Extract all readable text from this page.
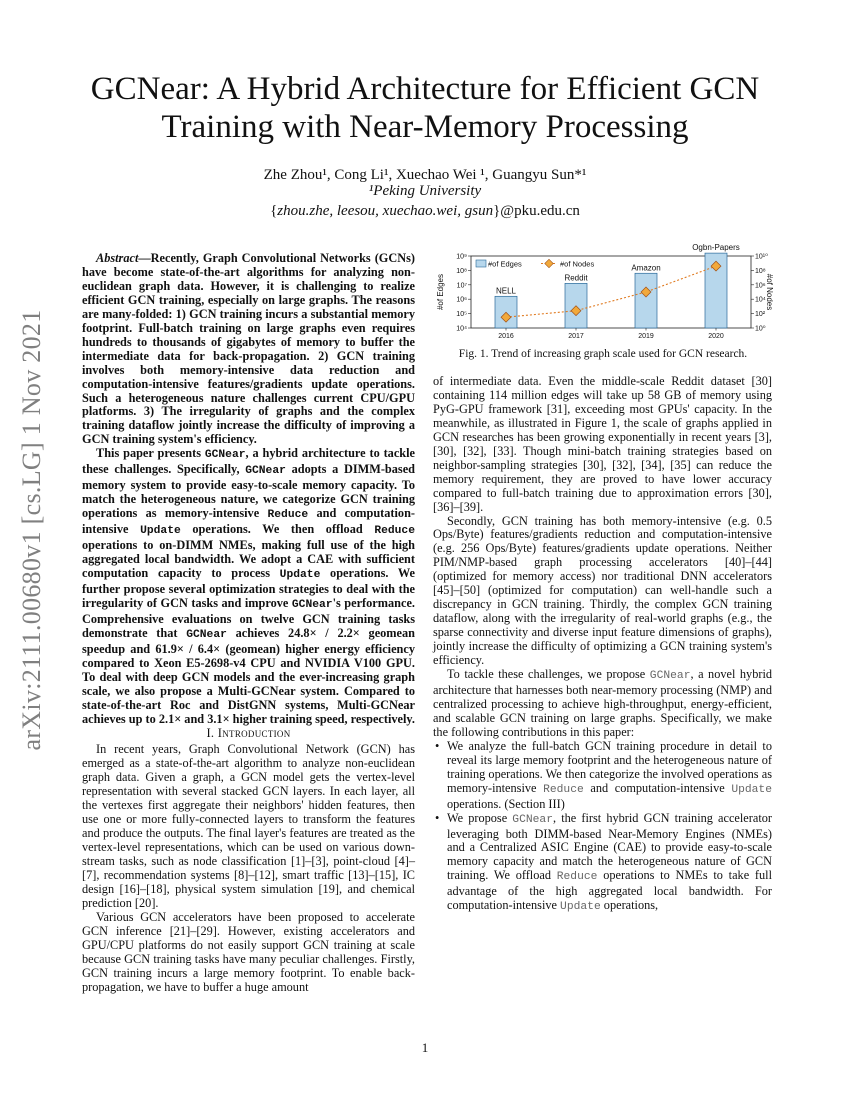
arXiv:2111.00680v1 [cs.LG] 1 Nov 2021
GCNear: A Hybrid Architecture for Efficient GCN
Training with Near-Memory Processing
Zhe Zhou¹, Cong Li¹, Xuechao Wei ¹, Guangyu Sun*¹
¹Peking University
{zhou.zhe, leesou, xuechao.wei, gsun}@pku.edu.cn

Abstract—Recently, Graph Convolutional Networks (GCNs) have become state-of-the-art algorithms for analyzing non-euclidean graph data. However, it is challenging to realize efficient GCN training, especially on large graphs. The reasons are many-folded: 1) GCN training incurs a substantial memory footprint. Full-batch training on large graphs even requires hundreds to thousands of gigabytes of memory to buffer the intermediate data for back-propagation. 2) GCN training involves both memory-intensive data reduction and computation-intensive features/gradients update operations. Such a heterogeneous nature challenges current CPU/GPU platforms. 3) The irregularity of graphs and the complex training dataflow jointly increase the difficulty of improving a GCN training system's efficiency.

This paper presents GCNear, a hybrid architecture to tackle these challenges. Specifically, GCNear adopts a DIMM-based memory system to provide easy-to-scale memory capacity. To match the heterogeneous nature, we categorize GCN training operations as memory-intensive Reduce and computation-intensive Update operations. We then offload Reduce operations to on-DIMM NMEs, making full use of the high aggregated local bandwidth. We adopt a CAE with sufficient computation capacity to process Update operations. We further propose several optimization strategies to deal with the irregularity of GCN tasks and improve GCNear's performance. Comprehensive evaluations on twelve GCN training tasks demonstrate that GCNear achieves 24.8× / 2.2× geomean speedup and 61.9× / 6.4× (geomean) higher energy efficiency compared to Xeon E5-2698-v4 CPU and NVIDIA V100 GPU. To deal with deep GCN models and the ever-increasing graph scale, we also propose a Multi-GCNear system. Compared to state-of-the-art Roc and DistGNN systems, Multi-GCNear achieves up to 2.1× and 3.1× higher training speed, respectively.

I. Introduction

In recent years, Graph Convolutional Network (GCN) has emerged as a state-of-the-art algorithm to analyze non-euclidean graph data. Given a graph, a GCN model gets the vertex-level representation with several stacked GCN layers. In each layer, all the vertexes first aggregate their neighbors' hidden features, then use one or more fully-connected layers to transform the features and produce the outputs. The final layer's features are treated as the vertex-level representations, which can be used on various down-stream tasks, such as node classification [1]–[3], point-cloud [4]–[7], recommendation systems [8]–[12], smart traffic [13]–[15], IC design [16]–[18], physical system simulation [19], and chemical prediction [20].

Various GCN accelerators have been proposed to accelerate GCN inference [21]–[29]. However, existing accelerators and GPU/CPU platforms do not easily support GCN training at scale because GCN training tasks have many peculiar challenges. Firstly, GCN training incurs a large memory footprint. To enable back-propagation, we have to buffer a huge amount

10⁴
10⁵
10⁶
10⁷
10⁸
10⁹
10⁰
10²
10⁴
10⁶
10⁸
10¹⁰
NELL
Reddit
Amazon
Ogbn-Papers
2016	2017	2019	2020
#of Edges	#of Nodes
#of Edges	#of Nodes
Fig. 1. Trend of increasing graph scale used for GCN research.

of intermediate data. Even the middle-scale Reddit dataset [30] containing 114 million edges will take up 58 GB of memory using PyG-GPU framework [31], exceeding most GPUs' capacity. In the meanwhile, as illustrated in Figure 1, the scale of graphs applied in GCN researches has been growing exponentially in recent years [3], [30], [32], [33]. Though mini-batch training strategies based on neighbor-sampling strategies [30], [32], [34], [35] can reduce the memory requirement, they are proved to have lower accuracy compared to full-batch training due to approximation errors [30], [36]–[39].

Secondly, GCN training has both memory-intensive (e.g. 0.5 Ops/Byte) features/gradients reduction and computation-intensive (e.g. 256 Ops/Byte) features/gradients update operations. Neither PIM/NMP-based graph processing accelerators [40]–[44] (optimized for memory access) nor traditional DNN accelerators [45]–[50] (optimized for computation) can well-handle such a discrepancy in GCN training. Thirdly, the complex GCN training dataflow, along with the irregularity of real-world graphs (e.g., the sparse connectivity and diverse input feature dimensions of graphs), jointly increase the difficulty of optimizing a GCN training system's efficiency.

To tackle these challenges, we propose GCNear, a novel hybrid architecture that harnesses both near-memory processing (NMP) and centralized processing to achieve high-throughput, energy-efficient, and scalable GCN training on large graphs. Specifically, we make the following contributions in this paper:

• We analyze the full-batch GCN training procedure in detail to reveal its large memory footprint and the heterogeneous nature of training operations. We then categorize the involved operations as memory-intensive Reduce and computation-intensive Update operations. (Section III)
• We propose GCNear, the first hybrid GCN training accelerator leveraging both DIMM-based Near-Memory Engines (NMEs) and a Centralized ASIC Engine (CAE) to provide easy-to-scale memory capacity and match the heterogeneous nature of GCN training. We offload Reduce operations to NMEs to take full advantage of the high aggregated local bandwidth. For computation-intensive Update operations,
1
